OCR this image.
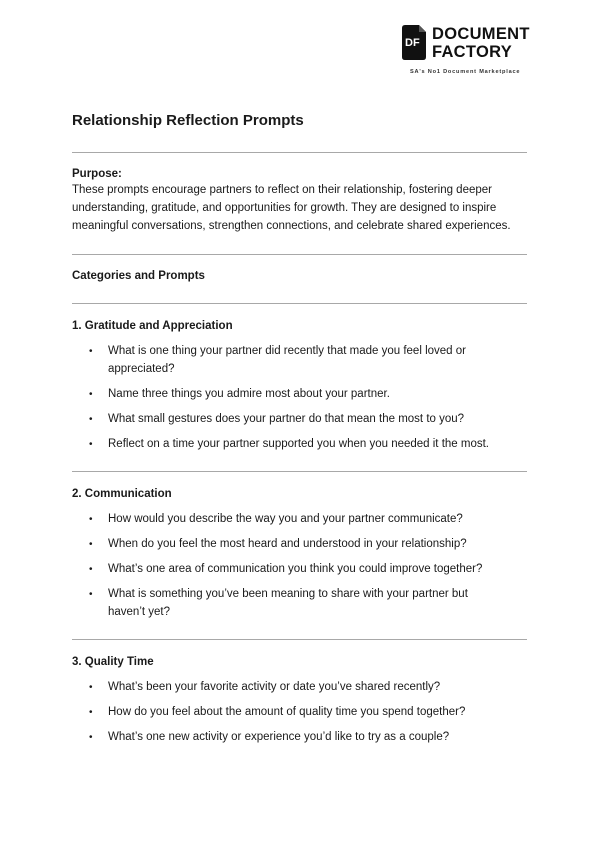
DF DOCUMENT
FACTORY
SA's No1 Document Marketplace
Relationship Reflection Prompts
Purpose:

These prompts encourage partners to reflect on their relationship, fostering deeper understanding, gratitude, and opportunities for growth. They are designed to inspire meaningful conversations, strengthen connections, and celebrate shared experiences.

Categories and Prompts
1. Gratitude and Appreciation
• What is one thing your partner did recently that made you feel loved or appreciated?
• Name three things you admire most about your partner.
• What small gestures does your partner do that mean the most to you?
• Reflect on a time your partner supported you when you needed it the most.
2. Communication
• How would you describe the way you and your partner communicate?
• When do you feel the most heard and understood in your relationship?
• What’s one area of communication you think you could improve together?
• What is something you’ve been meaning to share with your partner but haven’t yet?
3. Quality Time
• What’s been your favorite activity or date you’ve shared recently?
• How do you feel about the amount of quality time you spend together?
• What’s one new activity or experience you’d like to try as a couple?
